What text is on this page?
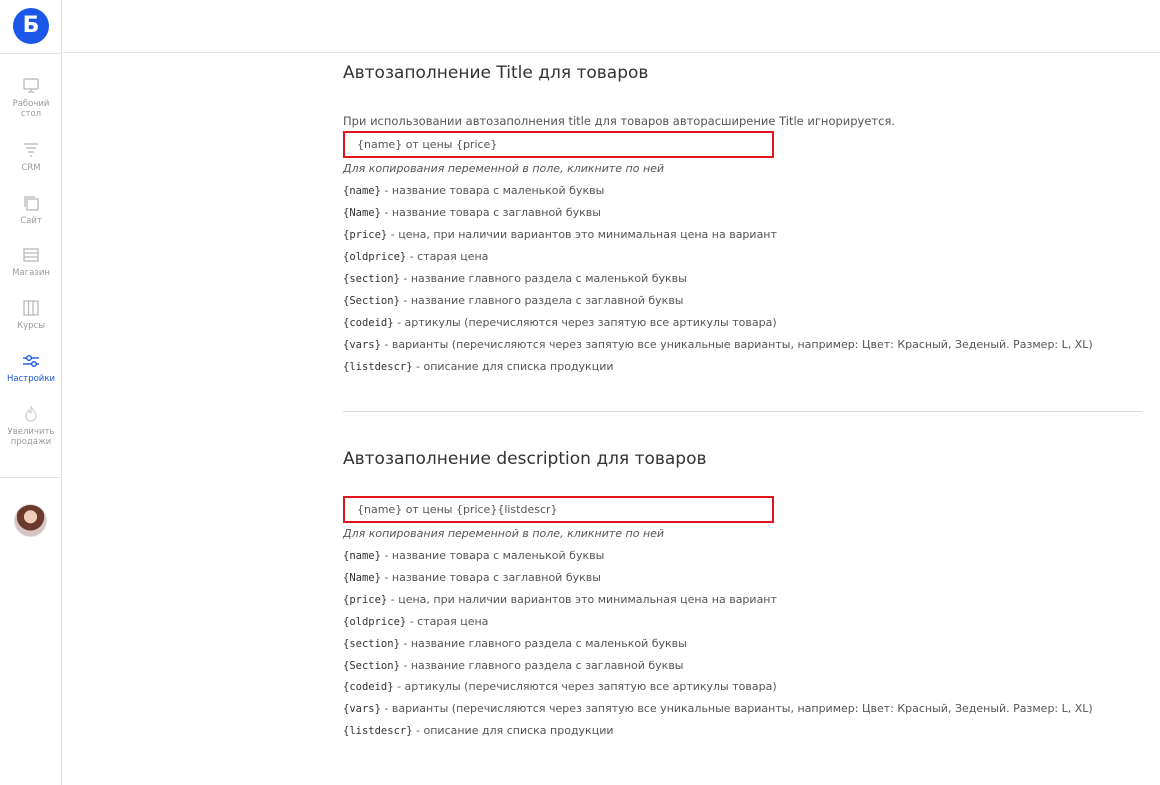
Б
Рабочий
стол
CRM
Сайт
Магазин
Курсы
Настройки
Увеличить
продажи
Автозаполнение Title для товаров
При использовании автозаполнения title для товаров авторасширение Title игнорируется.
{name} от цены {price}
Для копирования переменной в поле, кликните по ней
{name} - название товара с маленькой буквы
{Name} - название товара с заглавной буквы
{price} - цена, при наличии вариантов это минимальная цена на вариант
{oldprice} - старая цена
{section} - название главного раздела с маленькой буквы
{Section} - название главного раздела с заглавной буквы
{codeid} - артикулы (перечисляются через запятую все артикулы товара)
{vars} - варианты (перечисляются через запятую все уникальные варианты, например: Цвет: Красный, Зеденый. Размер: L, XL)
{listdescr} - описание для списка продукции
Автозаполнение description для товаров
{name} от цены {price}{listdescr}
Для копирования переменной в поле, кликните по ней
{name} - название товара с маленькой буквы
{Name} - название товара с заглавной буквы
{price} - цена, при наличии вариантов это минимальная цена на вариант
{oldprice} - старая цена
{section} - название главного раздела с маленькой буквы
{Section} - название главного раздела с заглавной буквы
{codeid} - артикулы (перечисляются через запятую все артикулы товара)
{vars} - варианты (перечисляются через запятую все уникальные варианты, например: Цвет: Красный, Зеденый. Размер: L, XL)
{listdescr} - описание для списка продукции
